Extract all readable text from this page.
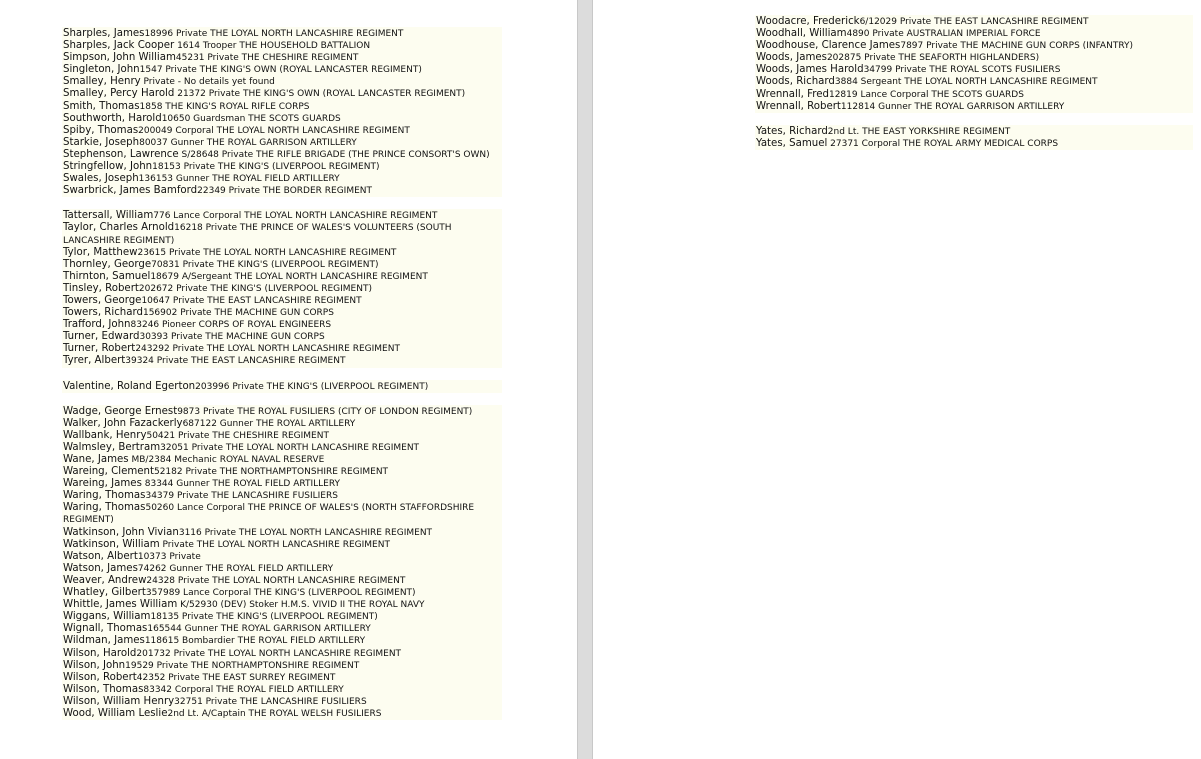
Sharples, James18996 Private THE LOYAL NORTH LANCASHIRE REGIMENT
Sharples, Jack Cooper 1614 Trooper THE HOUSEHOLD BATTALION
Simpson, John William45231 Private THE CHESHIRE REGIMENT
Singleton, John1547 Private THE KING'S OWN (ROYAL LANCASTER REGIMENT)
Smalley, Henry Private - No details yet found
Smalley, Percy Harold 21372 Private THE KING'S OWN (ROYAL LANCASTER REGIMENT)
Smith, Thomas1858 THE KING'S ROYAL RIFLE CORPS
Southworth, Harold10650 Guardsman THE SCOTS GUARDS
Spiby, Thomas200049 Corporal THE LOYAL NORTH LANCASHIRE REGIMENT
Starkie, Joseph80037 Gunner THE ROYAL GARRISON ARTILLERY
Stephenson, Lawrence S/28648 Private THE RIFLE BRIGADE (THE PRINCE CONSORT'S OWN)
Stringfellow, John18153 Private THE KING'S (LIVERPOOL REGIMENT)
Swales, Joseph136153 Gunner THE ROYAL FIELD ARTILLERY
Swarbrick, James Bamford22349 Private THE BORDER REGIMENT
Tattersall, William776 Lance Corporal THE LOYAL NORTH LANCASHIRE REGIMENT
Taylor, Charles Arnold16218 Private THE PRINCE OF WALES'S VOLUNTEERS (SOUTH LANCASHIRE REGIMENT)
Tylor, Matthew23615 Private THE LOYAL NORTH LANCASHIRE REGIMENT
Thornley, George70831 Private THE KING'S (LIVERPOOL REGIMENT)
Thirnton, Samuel18679 A/Sergeant THE LOYAL NORTH LANCASHIRE REGIMENT
Tinsley, Robert202672 Private THE KING'S (LIVERPOOL REGIMENT)
Towers, George10647 Private THE EAST LANCASHIRE REGIMENT
Towers, Richard156902 Private THE MACHINE GUN CORPS
Trafford, John83246 Pioneer CORPS OF ROYAL ENGINEERS
Turner, Edward30393 Private THE MACHINE GUN CORPS
Turner, Robert243292 Private THE LOYAL NORTH LANCASHIRE REGIMENT
Tyrer, Albert39324 Private THE EAST LANCASHIRE REGIMENT
Valentine, Roland Egerton203996 Private THE KING'S (LIVERPOOL REGIMENT)
Wadge, George Ernest9873 Private THE ROYAL FUSILIERS (CITY OF LONDON REGIMENT)
Walker, John Fazackerly687122 Gunner THE ROYAL ARTILLERY
Wallbank, Henry50421 Private THE CHESHIRE REGIMENT
Walmsley, Bertram32051 Private THE LOYAL NORTH LANCASHIRE REGIMENT
Wane, James MB/2384 Mechanic ROYAL NAVAL RESERVE
Wareing, Clement52182 Private THE NORTHAMPTONSHIRE REGIMENT
Wareing, James 83344 Gunner THE ROYAL FIELD ARTILLERY
Waring, Thomas34379 Private THE LANCASHIRE FUSILIERS
Waring, Thomas50260 Lance Corporal THE PRINCE OF WALES'S (NORTH STAFFORDSHIRE REGIMENT)
Watkinson, John Vivian3116 Private THE LOYAL NORTH LANCASHIRE REGIMENT
Watkinson, William Private THE LOYAL NORTH LANCASHIRE REGIMENT
Watson, Albert10373 Private
Watson, James74262 Gunner THE ROYAL FIELD ARTILLERY
Weaver, Andrew24328 Private THE LOYAL NORTH LANCASHIRE REGIMENT
Whatley, Gilbert357989 Lance Corporal THE KING'S (LIVERPOOL REGIMENT)
Whittle, James William K/52930 (DEV) Stoker H.M.S. VIVID II THE ROYAL NAVY
Wiggans, William18135 Private THE KING'S (LIVERPOOL REGIMENT)
Wignall, Thomas165544 Gunner THE ROYAL GARRISON ARTILLERY
Wildman, James118615 Bombardier THE ROYAL FIELD ARTILLERY
Wilson, Harold201732 Private THE LOYAL NORTH LANCASHIRE REGIMENT
Wilson, John19529 Private THE NORTHAMPTONSHIRE REGIMENT
Wilson, Robert42352 Private THE EAST SURREY REGIMENT
Wilson, Thomas83342 Corporal THE ROYAL FIELD ARTILLERY
Wilson, William Henry32751 Private THE LANCASHIRE FUSILIERS
Wood, William Leslie2nd Lt. A/Captain THE ROYAL WELSH FUSILIERS
Woodacre, Frederick6/12029 Private THE EAST LANCASHIRE REGIMENT
Woodhall, William4890 Private AUSTRALIAN IMPERIAL FORCE
Woodhouse, Clarence James7897 Private THE MACHINE GUN CORPS (INFANTRY)
Woods, James202875 Private THE SEAFORTH HIGHLANDERS)
Woods, James Harold34799 Private THE ROYAL SCOTS FUSILIERS
Woods, Richard3884 Sergeant THE LOYAL NORTH LANCASHIRE REGIMENT
Wrennall, Fred12819 Lance Corporal THE SCOTS GUARDS
Wrennall, Robert112814 Gunner THE ROYAL GARRISON ARTILLERY
Yates, Richard2nd Lt. THE EAST YORKSHIRE REGIMENT
Yates, Samuel 27371 Corporal THE ROYAL ARMY MEDICAL CORPS
